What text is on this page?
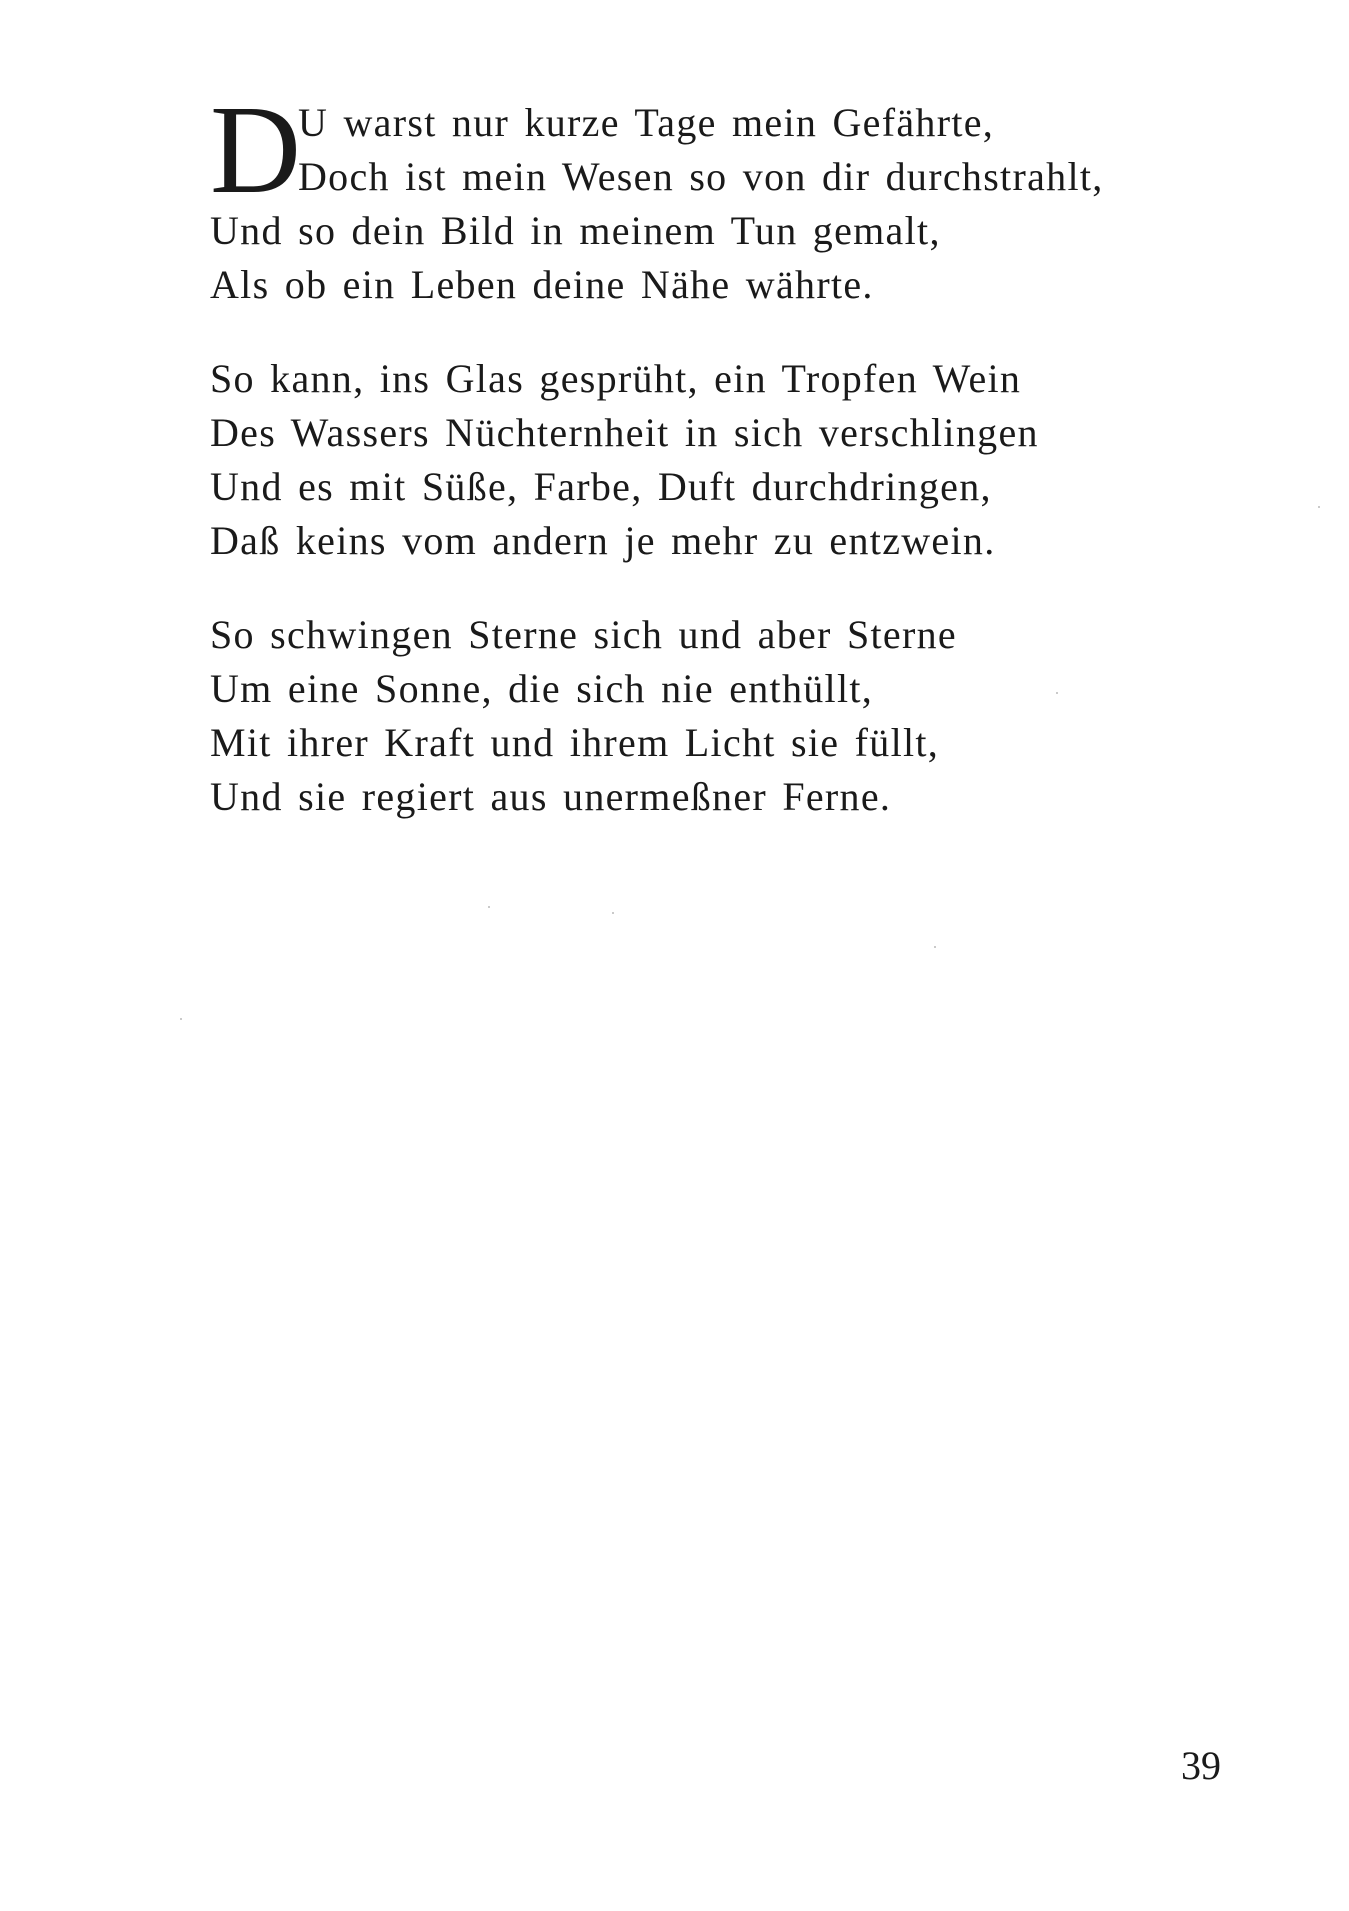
D
U warst nur kurze Tage mein Gefährte,
Doch ist mein Wesen so von dir durchstrahlt,
Und so dein Bild in meinem Tun gemalt,
Als ob ein Leben deine Nähe währte.
So kann, ins Glas gesprüht, ein Tropfen Wein
Des Wassers Nüchternheit in sich verschlingen
Und es mit Süße, Farbe, Duft durchdringen,
Daß keins vom andern je mehr zu entzwein.
So schwingen Sterne sich und aber Sterne
Um eine Sonne, die sich nie enthüllt,
Mit ihrer Kraft und ihrem Licht sie füllt,
Und sie regiert aus unermeßner Ferne.
39
